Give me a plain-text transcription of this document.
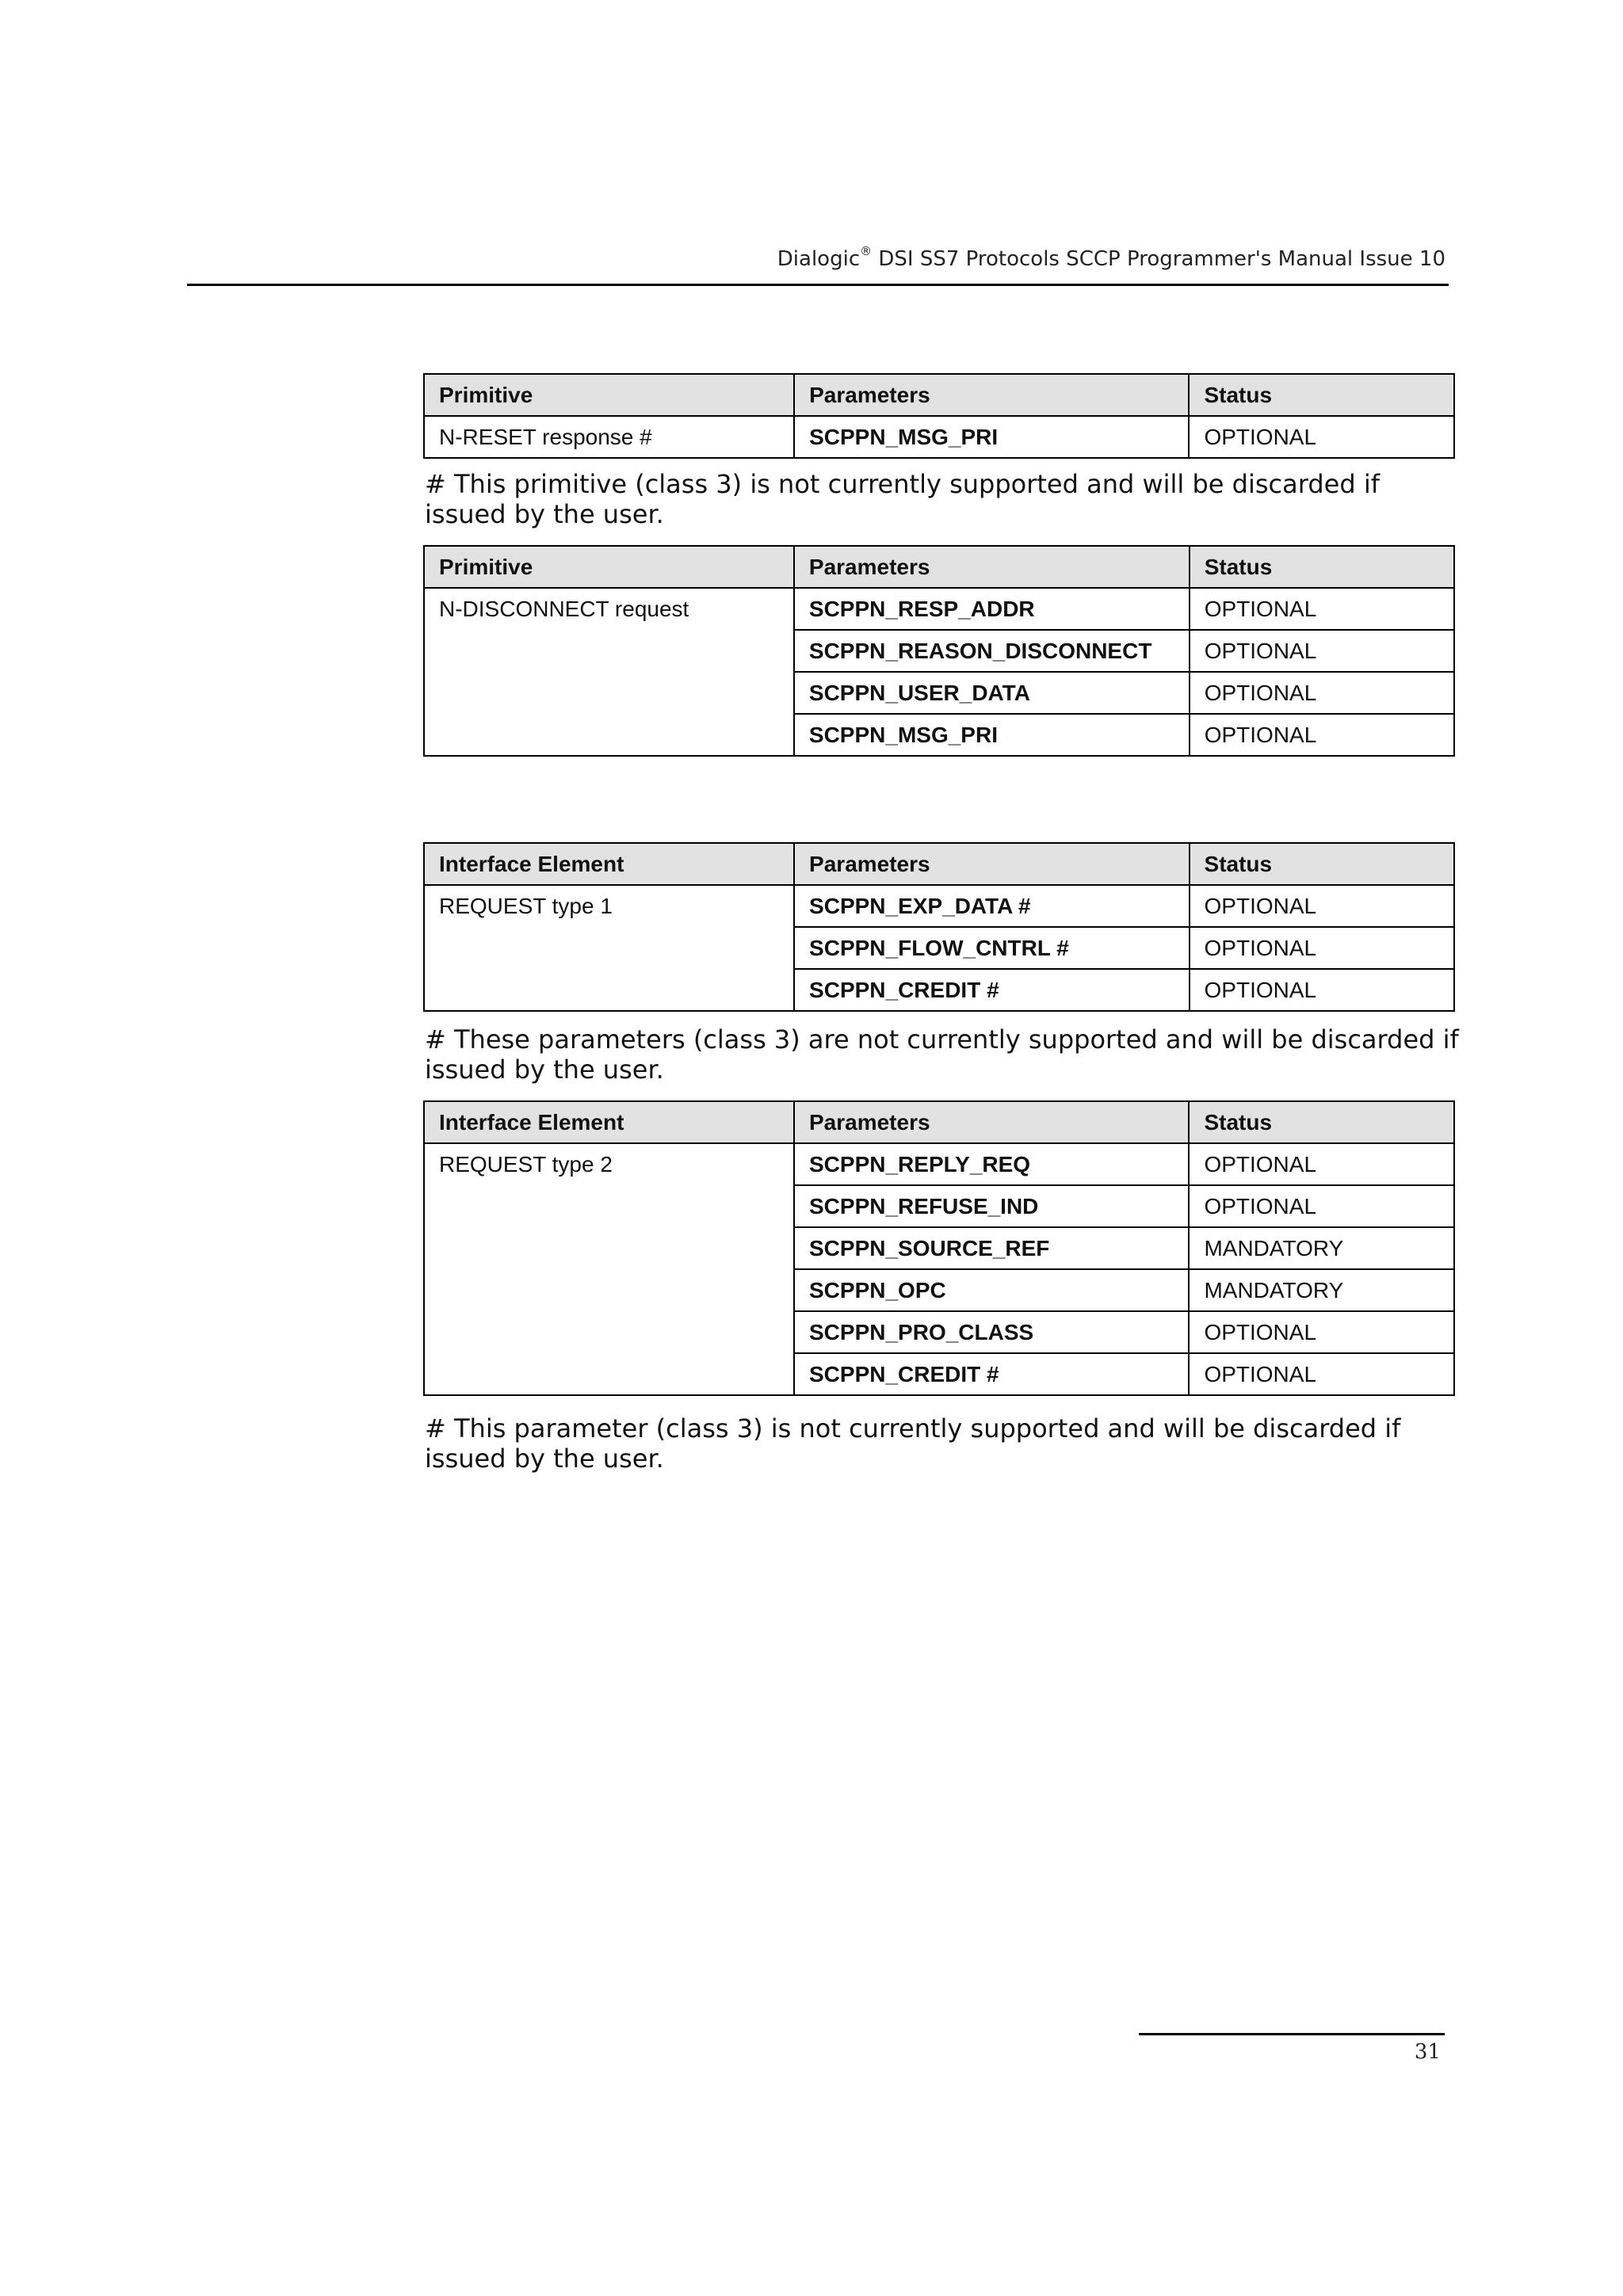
Dialogic® DSI SS7 Protocols SCCP Programmer's Manual Issue 10
Primitive	Parameters	Status
N-RESET response #	SCPPN_MSG_PRI	OPTIONAL
# This primitive (class 3) is not currently supported and will be discarded if
issued by the user.
Primitive	Parameters	Status
N-DISCONNECT request	SCPPN_RESP_ADDR	OPTIONAL
	SCPPN_REASON_DISCONNECT	OPTIONAL
	SCPPN_USER_DATA	OPTIONAL
	SCPPN_MSG_PRI	OPTIONAL
Interface Element	Parameters	Status
REQUEST type 1	SCPPN_EXP_DATA #	OPTIONAL
	SCPPN_FLOW_CNTRL #	OPTIONAL
	SCPPN_CREDIT #	OPTIONAL
# These parameters (class 3) are not currently supported and will be discarded if
issued by the user.
Interface Element	Parameters	Status
REQUEST type 2	SCPPN_REPLY_REQ	OPTIONAL
	SCPPN_REFUSE_IND	OPTIONAL
	SCPPN_SOURCE_REF	MANDATORY
	SCPPN_OPC	MANDATORY
	SCPPN_PRO_CLASS	OPTIONAL
	SCPPN_CREDIT #	OPTIONAL
# This parameter (class 3) is not currently supported and will be discarded if
issued by the user.
31
